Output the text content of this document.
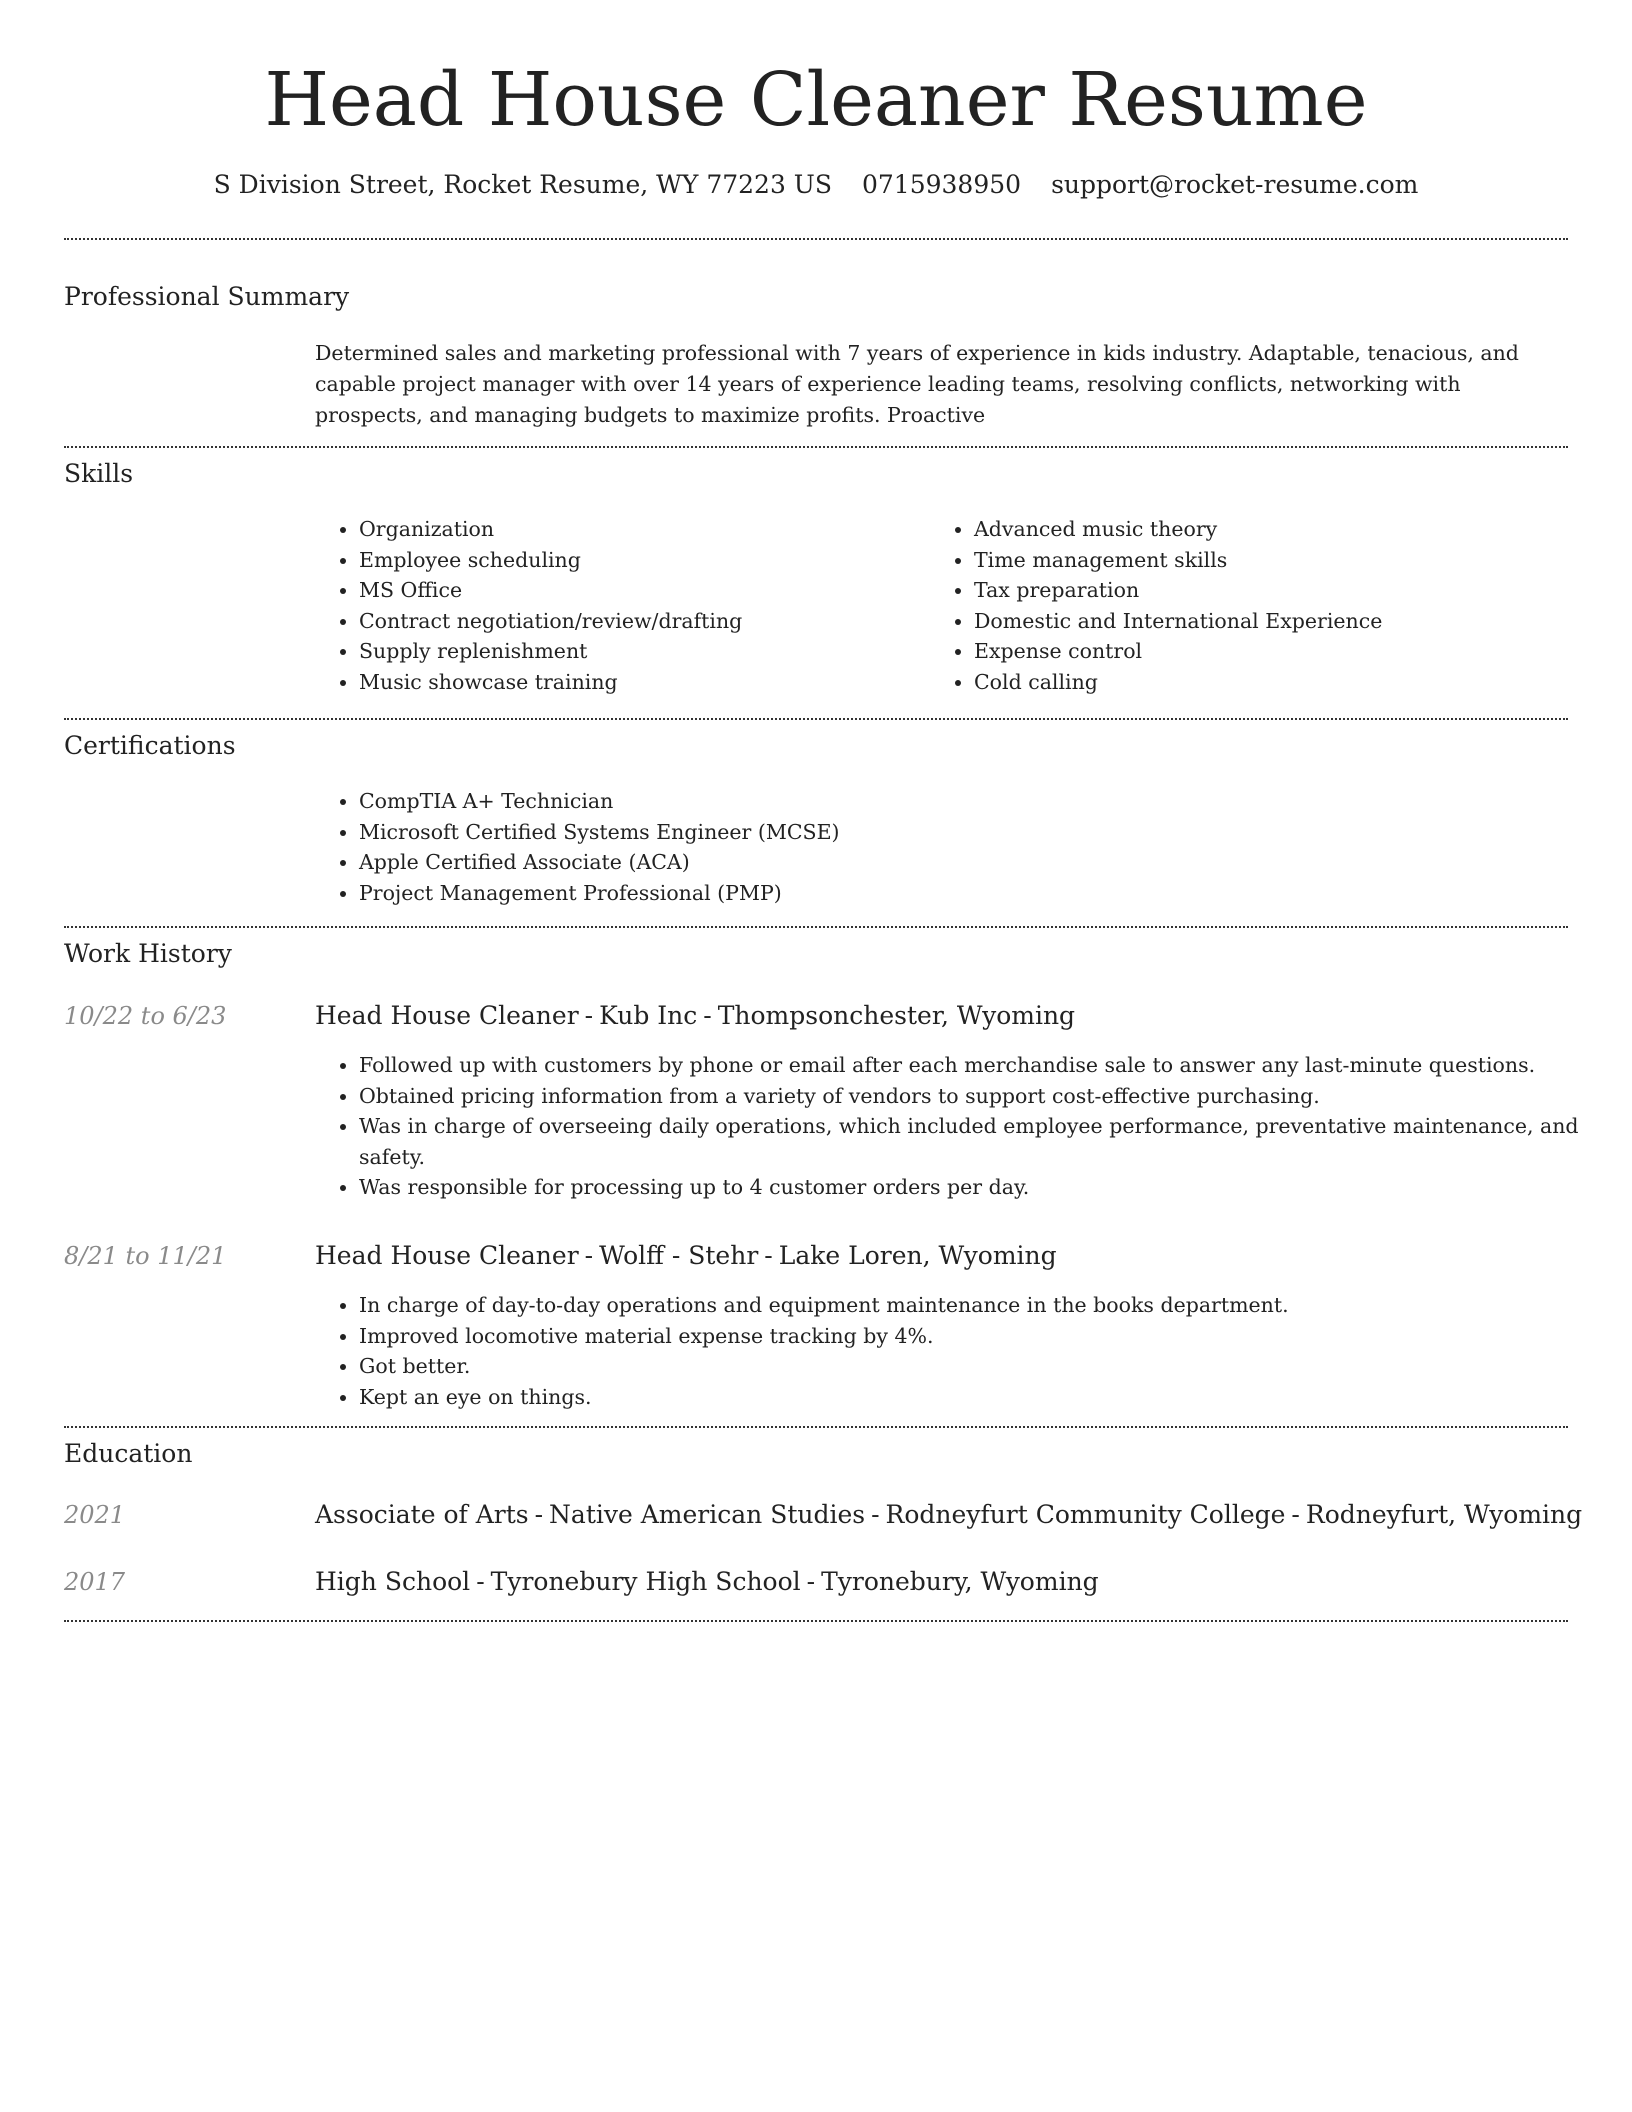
Head House Cleaner Resume
S Division Street, Rocket Resume, WY 77223 US 0715938950 support@rocket-resume.com
Professional Summary
Determined sales and marketing professional with 7 years of experience in kids industry. Adaptable, tenacious, and capable project manager with over 14 years of experience leading teams, resolving conflicts, networking with prospects, and managing budgets to maximize profits. Proactive
Skills
• Organization
• Employee scheduling
• MS Office
• Contract negotiation/review/drafting
• Supply replenishment
• Music showcase training
• Advanced music theory
• Time management skills
• Tax preparation
• Domestic and International Experience
• Expense control
• Cold calling
Certifications
• CompTIA A+ Technician
• Microsoft Certified Systems Engineer (MCSE)
• Apple Certified Associate (ACA)
• Project Management Professional (PMP)
Work History
10/22 to 6/23	Head House Cleaner - Kub Inc - Thompsonchester, Wyoming
• Followed up with customers by phone or email after each merchandise sale to answer any last-minute questions.
• Obtained pricing information from a variety of vendors to support cost-effective purchasing.
• Was in charge of overseeing daily operations, which included employee performance, preventative maintenance, and safety.
• Was responsible for processing up to 4 customer orders per day.
8/21 to 11/21	Head House Cleaner - Wolff - Stehr - Lake Loren, Wyoming
• In charge of day-to-day operations and equipment maintenance in the books department.
• Improved locomotive material expense tracking by 4%.
• Got better.
• Kept an eye on things.
Education
2021	Associate of Arts - Native American Studies - Rodneyfurt Community College - Rodneyfurt, Wyoming
2017	High School - Tyronebury High School - Tyronebury, Wyoming
